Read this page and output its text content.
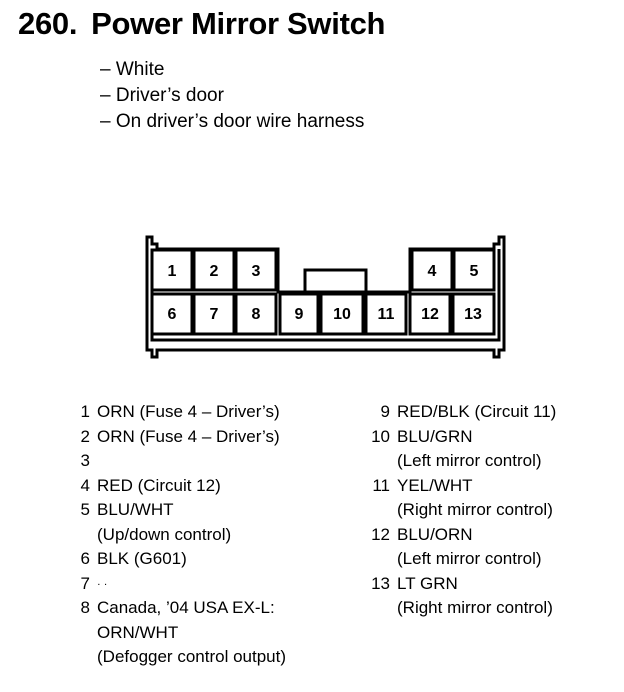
260. Power Mirror Switch
– White
– Driver’s door
– On driver’s door wire harness
1 2 3	4 5
6 7 8 9 10 11 12 13
1 ORN (Fuse 4 – Driver’s)
2 ORN (Fuse 4 – Driver’s)
3
4 RED (Circuit 12)
5 BLU/WHT
(Up/down control)
6 BLK (G601)
7 · ·
8 Canada, ’04 USA EX-L:
ORN/WHT
(Defogger control output)
9 RED/BLK (Circuit 11)
10 BLU/GRN
(Left mirror control)
11 YEL/WHT
(Right mirror control)
12 BLU/ORN
(Left mirror control)
13 LT GRN
(Right mirror control)
